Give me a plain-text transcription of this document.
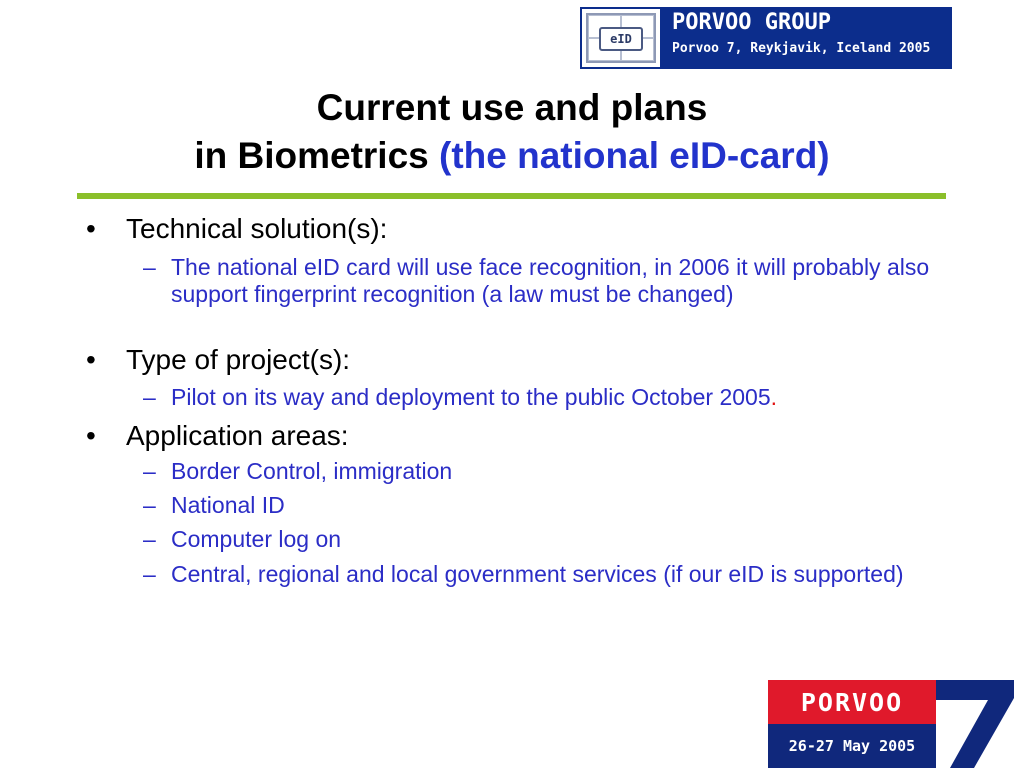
eID
PORVOO GROUP
Porvoo 7, Reykjavik, Iceland 2005
Current use and plans
in Biometrics (the national eID-card)
• Technical solution(s):
– The national eID card will use face recognition, in 2006 it will probably also support fingerprint recognition (a law must be changed)
• Type of project(s):
– Pilot on its way and deployment to the public October 2005.
• Application areas:
– Border Control, immigration
– National ID
– Computer log on
– Central, regional and local government services (if our eID is supported)
PORVOO
26-27 May 2005
